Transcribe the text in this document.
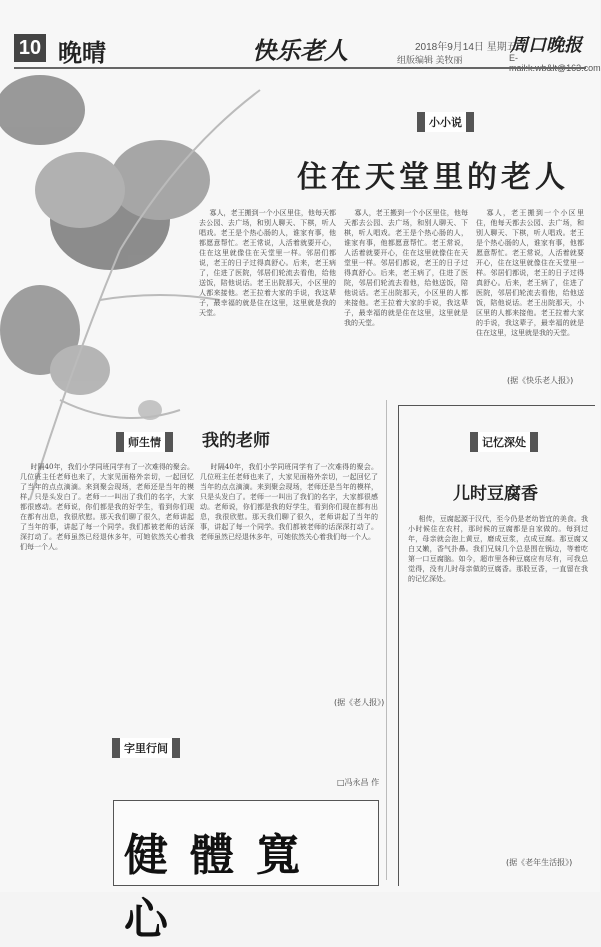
10 晚晴	快乐老人	2018年9月14日 星期五
周口晚报
组版编辑 美牧丽	E-mail:k.wb&lt@163.com
小小说
住在天堂里的老人

寡人，老王搬到一个小区里住，他每天都去公园、去广场，和别人聊天、下棋，听人唱戏。老王是个热心肠的人，谁家有事，他都愿意帮忙。老王常说，人活着就要开心，住在这里就像住在天堂里一样。邻居们都说，老王的日子过得真舒心。后来，老王病了，住进了医院，邻居们轮流去看他，给他送饭，陪他说话。老王出院那天，小区里的人都来接他。老王拉着大家的手说，我这辈子，最幸福的就是住在这里，这里就是我的天堂。

寡人，老王搬到一个小区里住，他每天都去公园、去广场，和别人聊天、下棋，听人唱戏。老王是个热心肠的人，谁家有事，他都愿意帮忙。老王常说，人活着就要开心，住在这里就像住在天堂里一样。邻居们都说，老王的日子过得真舒心。后来，老王病了，住进了医院，邻居们轮流去看他，给他送饭，陪他说话。老王出院那天，小区里的人都来接他。老王拉着大家的手说，我这辈子，最幸福的就是住在这里，这里就是我的天堂。

寡人，老王搬到一个小区里住，他每天都去公园、去广场，和别人聊天、下棋，听人唱戏。老王是个热心肠的人，谁家有事，他都愿意帮忙。老王常说，人活着就要开心，住在这里就像住在天堂里一样。邻居们都说，老王的日子过得真舒心。后来，老王病了，住进了医院，邻居们轮流去看他，给他送饭，陪他说话。老王出院那天，小区里的人都来接他。老王拉着大家的手说，我这辈子，最幸福的就是住在这里，这里就是我的天堂。

(据《快乐老人报》)
师生情	我的老师

时隔40年，我们小学同班同学有了一次难得的聚会。几位班主任老师也来了，大家见面格外亲切，一起回忆了当年的点点滴滴。来到聚会现场，老师还是当年的模样，只是头发白了。老师一一叫出了我们的名字，大家都很感动。老师说，你们都是我的好学生，看到你们现在都有出息，我很欣慰。那天我们聊了很久，老师讲起了当年的事，讲起了每一个同学。我们都被老师的话深深打动了。老师虽然已经退休多年，可她依然关心着我们每一个人。

时隔40年，我们小学同班同学有了一次难得的聚会。几位班主任老师也来了，大家见面格外亲切，一起回忆了当年的点点滴滴。来到聚会现场，老师还是当年的模样，只是头发白了。老师一一叫出了我们的名字，大家都很感动。老师说，你们都是我的好学生，看到你们现在都有出息，我很欣慰。那天我们聊了很久，老师讲起了当年的事，讲起了每一个同学。我们都被老师的话深深打动了。老师虽然已经退休多年，可她依然关心着我们每一个人。

(据《老人报》)
记忆深处
儿时豆腐香

相传，豆腐起源于汉代，至今仍是老幼皆宜的美食。我小时候住在农村，那时候的豆腐都是自家做的。每到过年，母亲就会泡上黄豆，磨成豆浆，点成豆腐。那豆腐又白又嫩，香气扑鼻。我们兄妹几个总是围在锅边，等着吃第一口豆腐脑。如今，超市里各种豆腐应有尽有，可我总觉得，没有儿时母亲做的豆腐香。那股豆香，一直留在我的记忆深处。

(据《老年生活报》)
字里行间
□冯永昌 作
健體寬心
